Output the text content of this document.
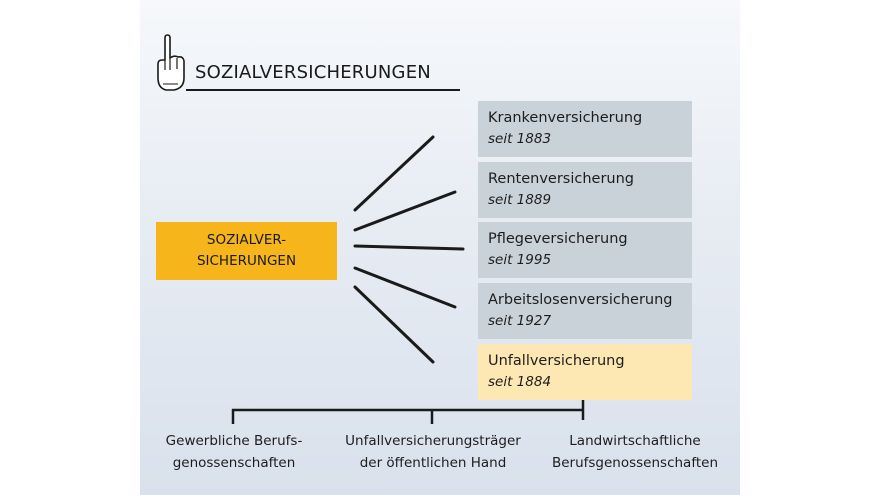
SOZIALVERSICHERUNGEN
SOZIALVER-
SICHERUNGEN
Krankenversicherung
seit 1883
Rentenversicherung
seit 1889
Pflegeversicherung
seit 1995
Arbeitslosenversicherung
seit 1927
Unfallversicherung
seit 1884
Gewerbliche Berufs-
genossenschaften
Unfallversicherungsträger
der öffentlichen Hand
Landwirtschaftliche
Berufsgenossenschaften
